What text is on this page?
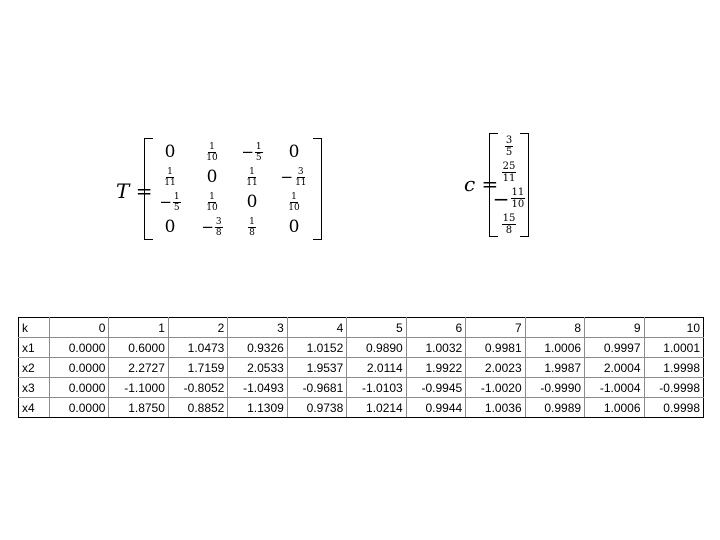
T =
0	$\frac{1}{10} - \frac{1}{5} 0$
$\frac{1}{11} 0$	$\frac{1}{11} - \frac{3}{11}$
− $\frac{1}{5}$	$\frac{1}{10} 0$	$\frac{1}{10}$
$0 - \frac{3}{8}$	$\frac{1}{8} 0$
c =
$\frac{3}{5}$
$\frac{25}{11}$
− $\frac{11}{10}$
$\frac{15}{8}$
k	0	1	2	3	4	5	6	7	8	9	10
x1	0.0000	0.6000	1.0473	0.9326	1.0152	0.9890	1.0032	0.9981	1.0006	0.9997	1.0001
x2	0.0000	2.2727	1.7159	2.0533	1.9537	2.0114	1.9922	2.0023	1.9987	2.0004	1.9998
x3	0.0000	-1.1000	-0.8052	-1.0493	-0.9681	-1.0103	-0.9945	-1.0020	-0.9990	-1.0004	-0.9998
x4	0.0000	1.8750	0.8852	1.1309	0.9738	1.0214	0.9944	1.0036	0.9989	1.0006	0.9998
